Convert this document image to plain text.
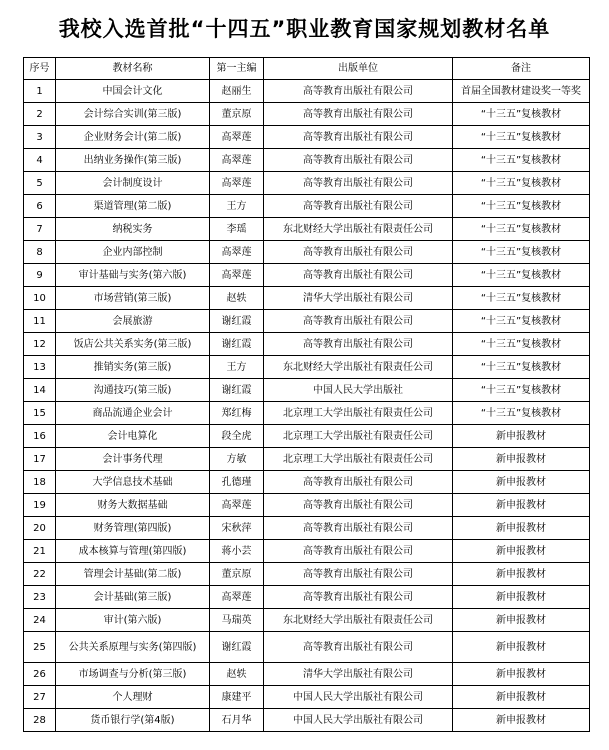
我校入选首批“十四五”职业教育国家规划教材名单
序号	教材名称	第一主编	出版单位	备注
1	中国会计文化	赵丽生	高等教育出版社有限公司	首届全国教材建设奖一等奖
2	会计综合实训(第三版)	董京原	高等教育出版社有限公司	“十三五”复核教材
3	企业财务会计(第二版)	高翠莲	高等教育出版社有限公司	“十三五”复核教材
4	出纳业务操作(第三版)	高翠莲	高等教育出版社有限公司	“十三五”复核教材
5	会计制度设计	高翠莲	高等教育出版社有限公司	“十三五”复核教材
6	渠道管理(第二版)	王方	高等教育出版社有限公司	“十三五”复核教材
7	纳税实务	李瑶	东北财经大学出版社有限责任公司	“十三五”复核教材
8	企业内部控制	高翠莲	高等教育出版社有限公司	“十三五”复核教材
9	审计基础与实务(第六版)	高翠莲	高等教育出版社有限公司	“十三五”复核教材
10	市场营销(第三版)	赵轶	清华大学出版社有限公司	“十三五”复核教材
11	会展旅游	谢红霞	高等教育出版社有限公司	“十三五”复核教材
12	饭店公共关系实务(第三版)	谢红霞	高等教育出版社有限公司	“十三五”复核教材
13	推销实务(第三版)	王方	东北财经大学出版社有限责任公司	“十三五”复核教材
14	沟通技巧(第三版)	谢红霞	中国人民大学出版社	“十三五”复核教材
15	商品流通企业会计	郑红梅	北京理工大学出版社有限责任公司	“十三五”复核教材
16	会计电算化	段全虎	北京理工大学出版社有限责任公司	新申报教材
17	会计事务代理	方敏	北京理工大学出版社有限责任公司	新申报教材
18	大学信息技术基础	孔德瑾	高等教育出版社有限公司	新申报教材
19	财务大数据基础	高翠莲	高等教育出版社有限公司	新申报教材
20	财务管理(第四版)	宋秋萍	高等教育出版社有限公司	新申报教材
21	成本核算与管理(第四版)	蒋小芸	高等教育出版社有限公司	新申报教材
22	管理会计基础(第二版)	董京原	高等教育出版社有限公司	新申报教材
23	会计基础(第三版)	高翠莲	高等教育出版社有限公司	新申报教材
24	审计(第六版)	马瑞英	东北财经大学出版社有限责任公司	新申报教材
25	公共关系原理与实务(第四版)	谢红霞	高等教育出版社有限公司	新申报教材
26	市场调查与分析(第三版)	赵轶	清华大学出版社有限公司	新申报教材
27	个人理财	康建平	中国人民大学出版社有限公司	新申报教材
28	货币银行学(第4版)	石月华	中国人民大学出版社有限公司	新申报教材
